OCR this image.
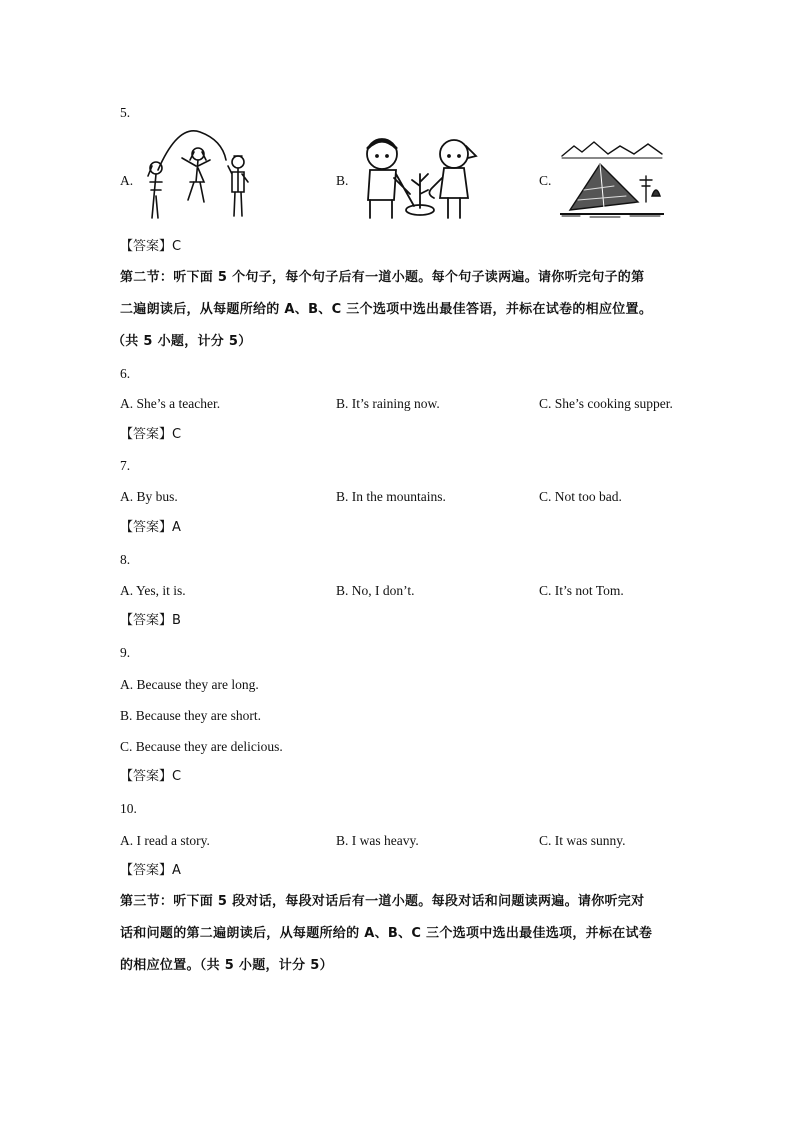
5.
A.	B.	C.
【答案】C
第二节：听下面 5 个句子，每个句子后有一道小题。每个句子读两遍。请你听完句子的第
二遍朗读后，从每题所给的 A、B、C 三个选项中选出最佳答语，并标在试卷的相应位置。
（共 5 小题，计分 5）
6.
A. She’s a teacher.	B. It’s raining now.	C. She’s cooking supper.
【答案】C
7.
A. By bus.	B. In the mountains.	C. Not too bad.
【答案】A
8.
A. Yes, it is.	B. No, I don’t.	C. It’s not Tom.
【答案】B
9.
A. Because they are long.
B. Because they are short.
C. Because they are delicious.
【答案】C
10.
A. I read a story.	B. I was heavy.	C. It was sunny.
【答案】A
第三节：听下面 5 段对话，每段对话后有一道小题。每段对话和问题读两遍。请你听完对
话和问题的第二遍朗读后，从每题所给的 A、B、C 三个选项中选出最佳选项，并标在试卷
的相应位置。（共 5 小题，计分 5）
